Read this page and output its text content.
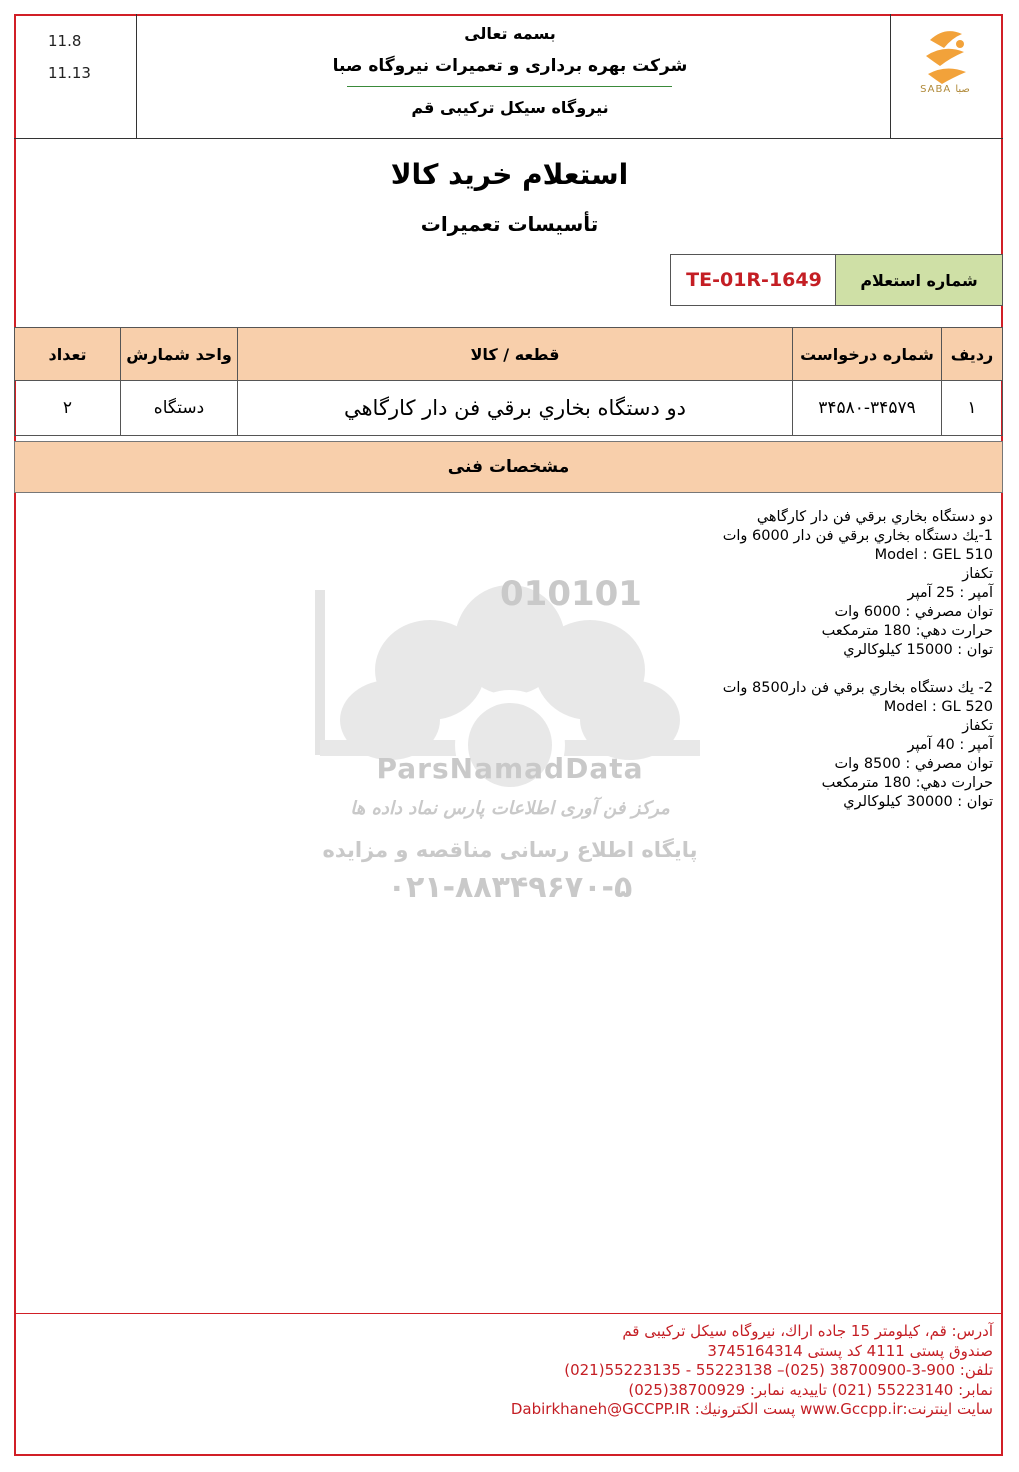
11.8
11.13
بسمه تعالی
شرکت بهره برداری و تعمیرات نیروگاه صبا
نیروگاه سیکل ترکیبی قم
SABA صبا
استعلام خريد کالا
تأسیسات تعمیرات
شماره استعلام
TE-01R-1649
ردیف	شماره درخواست	قطعه / کالا	واحد شمارش	تعداد
۱	۳۴۵۸۰-۳۴۵۷۹	دو دستگاه بخاري برقي فن دار کارگاهي	دستگاه	۲
مشخصات فنی
010101
ParsNamadData
مرکز فن آوری اطلاعات پارس نماد داده ها
پایگاه اطلاع رسانی مناقصه و مزایده
۰۲۱-۸۸۳۴۹۶۷۰-۵
دو دستگاه بخاري برقي فن دار کارگاهي
1-يك دستگاه بخاري برقي فن دار 6000 وات
Model : GEL 510
تکفاز
آمپر : 25 آمپر
توان مصرفي : 6000 وات
حرارت دهي: 180 مترمکعب
توان : 15000 کيلوکالري
2- يك دستگاه بخاري برقي فن دار8500 وات
Model : GL 520
تکفاز
آمپر : 40 آمپر
توان مصرفي : 8500 وات
حرارت دهي: 180 مترمکعب
توان : 30000 کيلوکالري
آدرس: قم، کیلومتر 15 جاده اراك، نیروگاه سیکل ترکیبی قم
صندوق پستی 4111 کد پستی 3745164314
تلفن: 900-3-38700900 (025)– 55223138 - 55223135(021)
نمابر: 55223140 (021) تاییدیه نمابر: 38700929(025)
سایت اینترنت:www.Gccpp.ir پست الکترونیك: Dabirkhaneh@GCCPP.IR
